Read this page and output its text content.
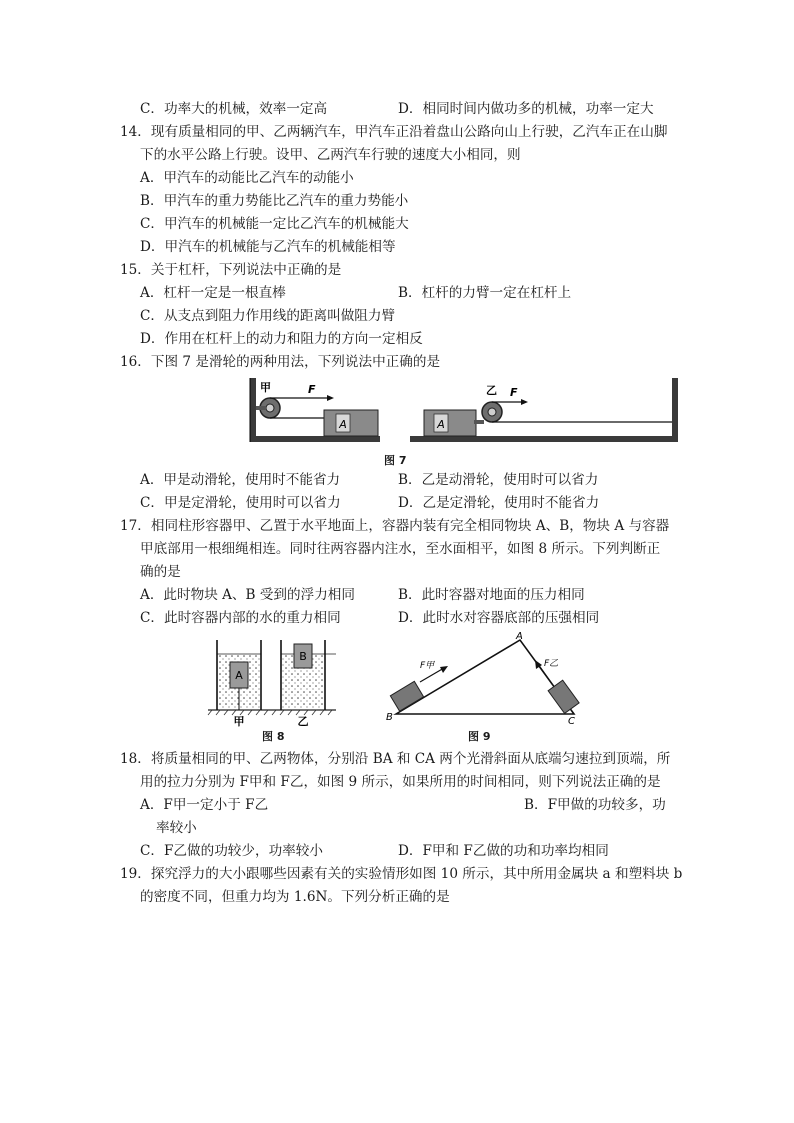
C．功率大的机械，效率一定高	D．相同时间内做功多的机械，功率一定大
14．现有质量相同的甲、乙两辆汽车，甲汽车正沿着盘山公路向山上行驶，乙汽车正在山脚
下的水平公路上行驶。设甲、乙两汽车行驶的速度大小相同，则
A．甲汽车的动能比乙汽车的动能小
B．甲汽车的重力势能比乙汽车的重力势能小
C．甲汽车的机械能一定比乙汽车的机械能大
D．甲汽车的机械能与乙汽车的机械能相等
15．关于杠杆，下列说法中正确的是
A．杠杆一定是一根直棒	B．杠杆的力臂一定在杠杆上
C．从支点到阻力作用线的距离叫做阻力臂
D．作用在杠杆上的动力和阻力的方向一定相反
16．下图 7 是滑轮的两种用法，下列说法中正确的是
A
甲	F
A
乙 F
图 7
A．甲是动滑轮，使用时不能省力	B．乙是动滑轮，使用时可以省力
C．甲是定滑轮，使用时可以省力	D．乙是定滑轮，使用时不能省力
17．相同柱形容器甲、乙置于水平地面上，容器内装有完全相同物块 A、B，物块 A 与容器
甲底部用一根细绳相连。同时往两容器内注水，至水面相平，如图 8 所示。下列判断正
确的是
A．此时物块 A、B 受到的浮力相同	B．此时容器对地面的压力相同
C．此时容器内部的水的重力相同	D．此时水对容器底部的压强相同
A
B
甲	乙
图 8
A
B	C
F甲	F乙
图 9
18．将质量相同的甲、乙两物体，分别沿 BA 和 CA 两个光滑斜面从底端匀速拉到顶端，所
用的拉力分别为 F甲和 F乙，如图 9 所示，如果所用的时间相同，则下列说法正确的是
A．F甲一定小于 F乙	B．F甲做的功较多，功
率较小
C．F乙做的功较少，功率较小	D．F甲和 F乙做的功和功率均相同
19．探究浮力的大小跟哪些因素有关的实验情形如图 10 所示，其中所用金属块 a 和塑料块 b
的密度不同，但重力均为 1.6N。下列分析正确的是
